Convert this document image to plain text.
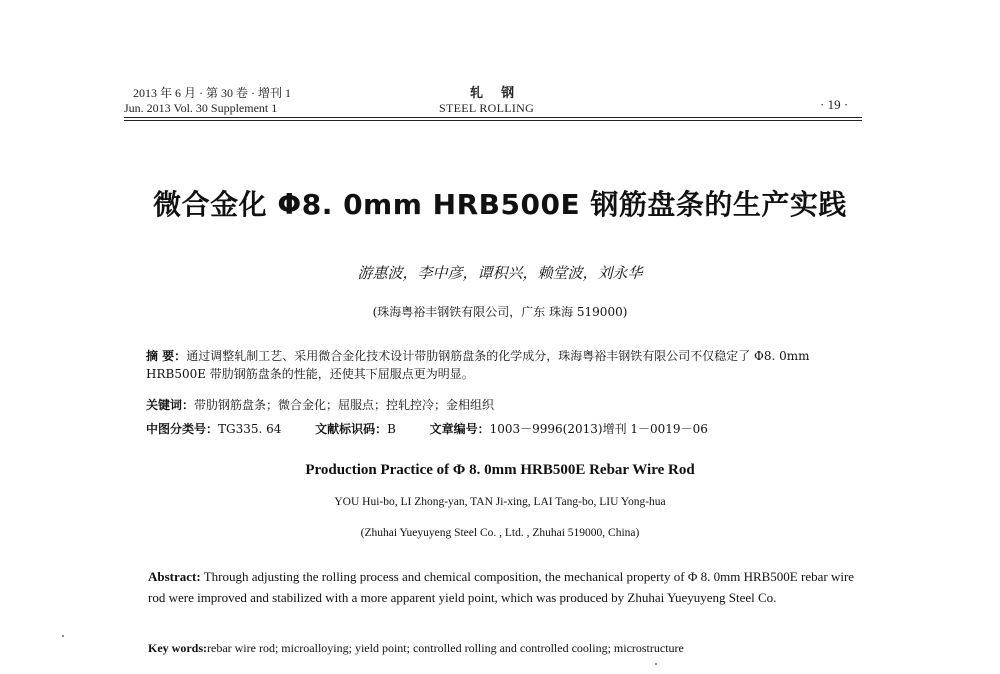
2013 年 6 月 · 第 30 卷 · 增刊 1
Jun. 2013 Vol. 30 Supplement 1
轧    钢
STEEL ROLLING	· 19 ·
微合金化 Φ8. 0mm HRB500E 钢筋盘条的生产实践
游惠波，李中彦，谭积兴，赖堂波，刘永华
(珠海粤裕丰钢铁有限公司，广东 珠海 519000)
摘 要：通过调整轧制工艺、采用微合金化技术设计带肋钢筋盘条的化学成分，珠海粤裕丰钢铁有限公司不仅稳定了 Φ8. 0mm HRB500E 带肋钢筋盘条的性能，还使其下屈服点更为明显。
关键词：带肋钢筋盘条；微合金化；屈服点；控轧控冷；金相组织
中图分类号：TG335. 64	文献标识码：B	文章编号：1003－9996(2013)增刊 1－0019－06
Production Practice of Φ 8. 0mm HRB500E Rebar Wire Rod
YOU Hui-bo, LI Zhong-yan, TAN Ji-xing, LAI Tang-bo, LIU Yong-hua
(Zhuhai Yueyuyeng Steel Co. , Ltd. , Zhuhai 519000, China)
Abstract: Through adjusting the rolling process and chemical composition, the mechanical property of Φ 8. 0mm HRB500E rebar wire rod were improved and stabilized with a more apparent yield point, which was produced by Zhuhai Yueyuyeng Steel Co.
Key words:rebar wire rod; microalloying; yield point; controlled rolling and controlled cooling; microstructure
